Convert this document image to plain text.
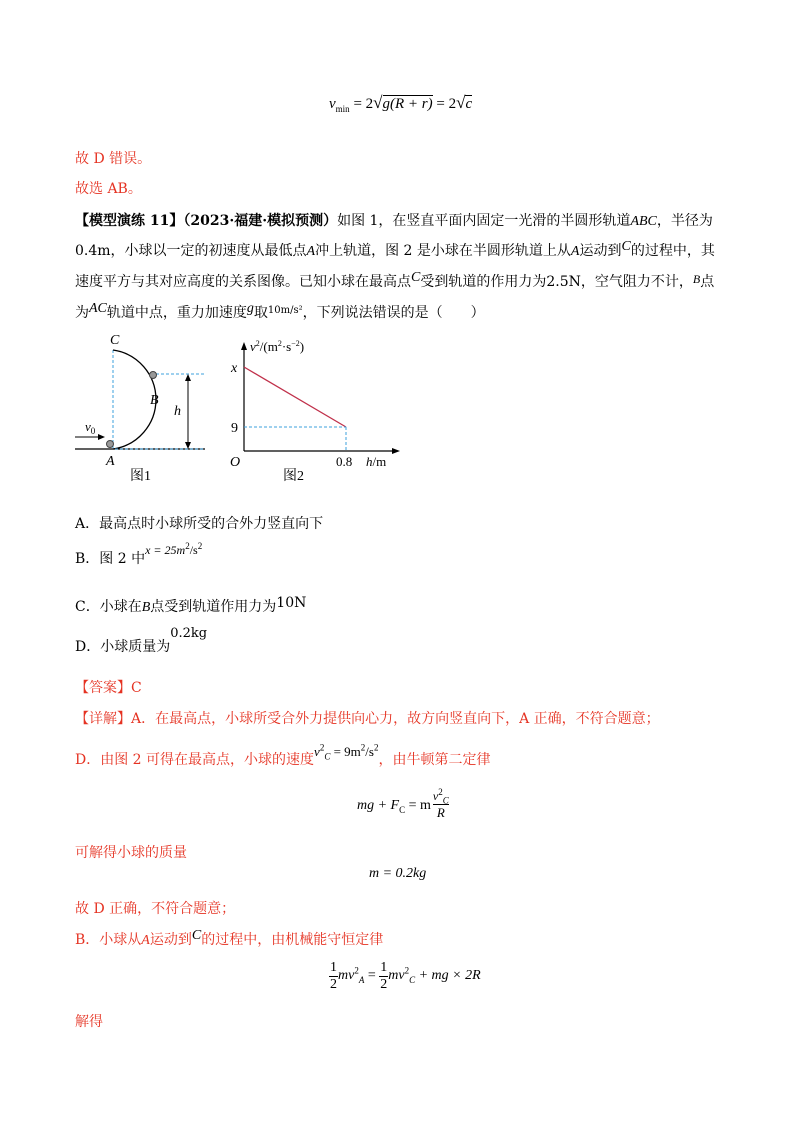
$v_{min} = 2√g(R + r) = 2√c$
故 D 错误。
故选 AB。
【模型演练 11】（2023·福建·模拟预测）如图 1，在竖直平面内固定一光滑的半圆形轨道ABC，半径为
0.4m，小球以一定的初速度从最低点A冲上轨道，图 2 是小球在半圆形轨道上从A运动到C的过程中，其
速度平方与其对应高度的关系图像。已知小球在最高点C受到轨道的作用力为2.5N，空气阻力不计，B点
为AC轨道中点，重力加速度g取$^{10m/s^2}$，下列说法错误的是（　　）
C
B
A
h
$v_0$
图1
$v^2/(m^2\cdot s^{-2})$
x
9
O	0.8 h/m
图2
A．最高点时小球所受的合外力竖直向下
B．图 2 中$x = 25m^2/s^2$
C．小球在B点受到轨道作用力为10N
D．小球质量为0.2kg
【答案】C
【详解】A．在最高点，小球所受合外力提供向心力，故方向竖直向下，A 正确，不符合题意；
D．由图 2 可得在最高点，小球的速度$v^2_C = 9m^2/s^2$，由牛顿第二定律
mg + $F_C = m \frac{v^2_C}{R}$
可解得小球的质量
m = 0.2kg
故 D 正确，不符合题意；
B．小球从A运动到C的过程中，由机械能守恒定律
$\frac{1}{2} mv^2_A = \frac{1}{2} mv^2_C$ + mg × 2R
解得
